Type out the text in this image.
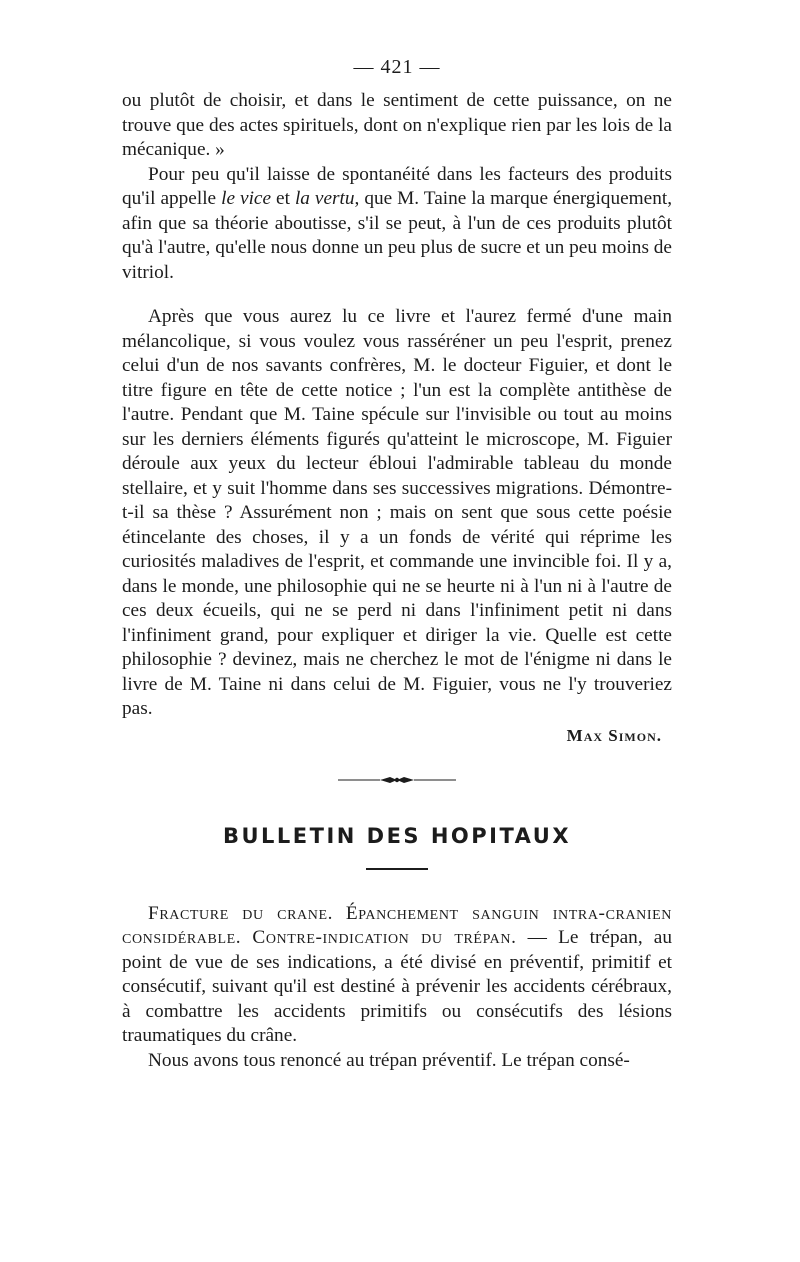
— 421 —

ou plutôt de choisir, et dans le sentiment de cette puissance, on ne trouve que des actes spirituels, dont on n'explique rien par les lois de la mécanique. »

Pour peu qu'il laisse de spontanéité dans les facteurs des produits qu'il appelle le vice et la vertu, que M. Taine la marque énergiquement, afin que sa théorie aboutisse, s'il se peut, à l'un de ces produits plutôt qu'à l'autre, qu'elle nous donne un peu plus de sucre et un peu moins de vitriol.

Après que vous aurez lu ce livre et l'aurez fermé d'une main mélancolique, si vous voulez vous rasséréner un peu l'esprit, prenez celui d'un de nos savants confrères, M. le docteur Figuier, et dont le titre figure en tête de cette notice ; l'un est la complète antithèse de l'autre. Pendant que M. Taine spécule sur l'invisible ou tout au moins sur les derniers éléments figurés qu'atteint le microscope, M. Figuier déroule aux yeux du lecteur ébloui l'admirable tableau du monde stellaire, et y suit l'homme dans ses successives migrations. Démontre-t-il sa thèse ? Assurément non ; mais on sent que sous cette poésie étincelante des choses, il y a un fonds de vérité qui réprime les curiosités maladives de l'esprit, et commande une invincible foi. Il y a, dans le monde, une philosophie qui ne se heurte ni à l'un ni à l'autre de ces deux écueils, qui ne se perd ni dans l'infiniment petit ni dans l'infiniment grand, pour expliquer et diriger la vie. Quelle est cette philosophie ? devinez, mais ne cherchez le mot de l'énigme ni dans le livre de M. Taine ni dans celui de M. Figuier, vous ne l'y trouveriez pas.

Max Simon.
BULLETIN DES HOPITAUX

Fracture du crane. Épanchement sanguin intra-cranien considérable. Contre-indication du trépan. — Le trépan, au point de vue de ses indications, a été divisé en préventif, primitif et consécutif, suivant qu'il est destiné à prévenir les accidents cérébraux, à combattre les accidents primitifs ou consécutifs des lésions traumatiques du crâne.

Nous avons tous renoncé au trépan préventif. Le trépan consé-
